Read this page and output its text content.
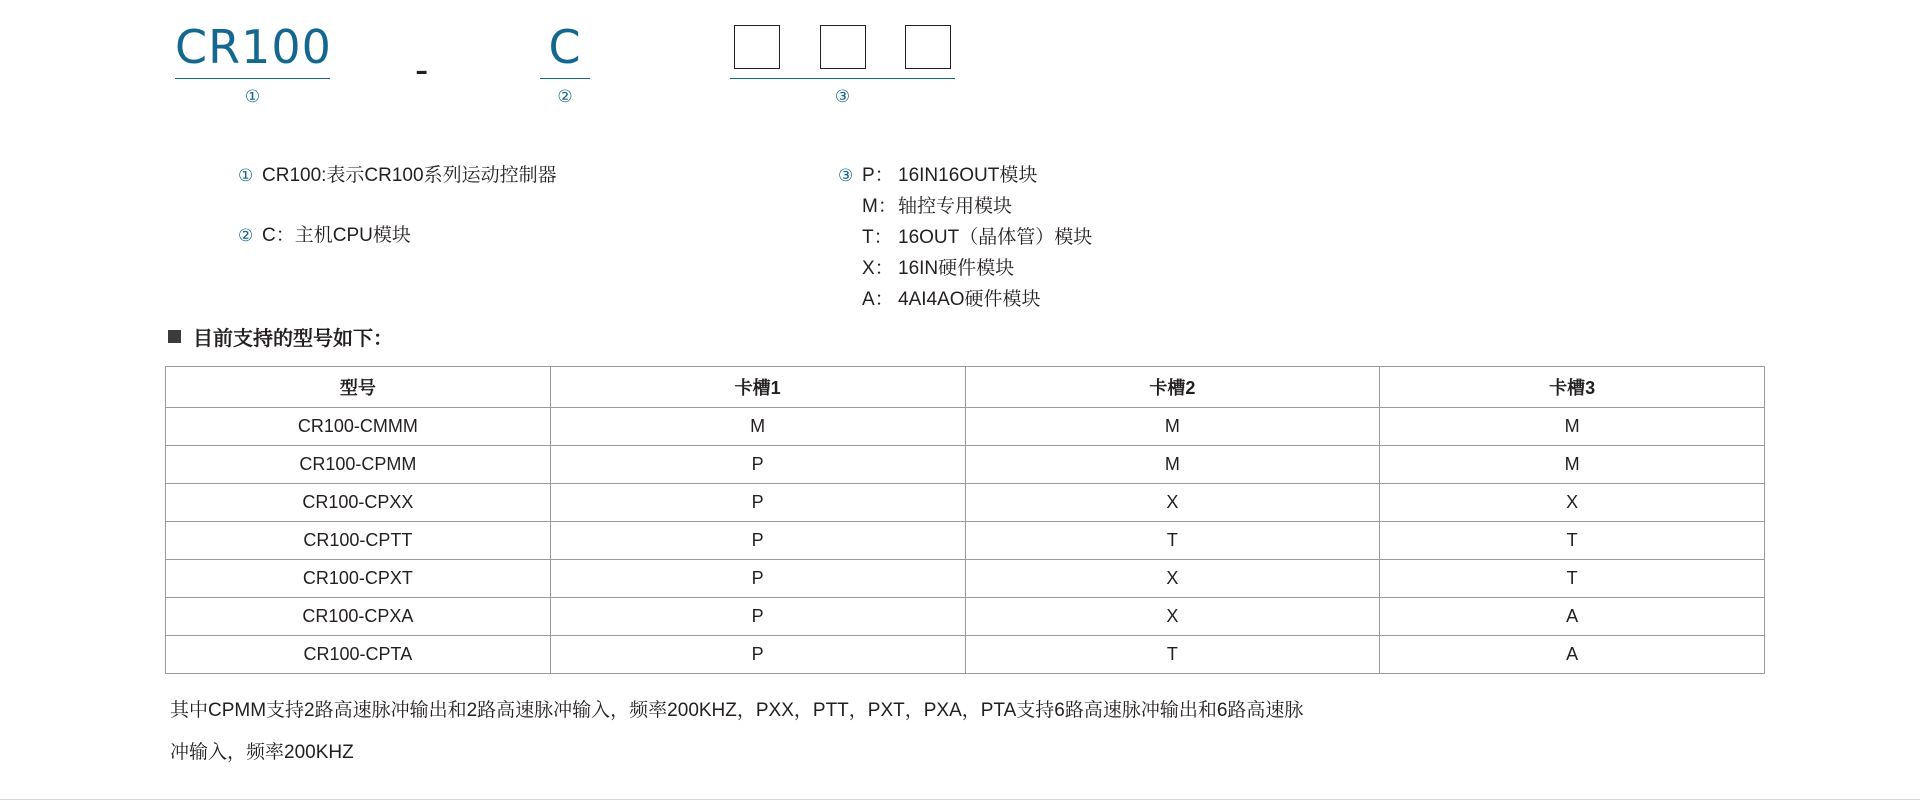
CR100
①
-	C
②	③
① CR100:表示CR100系列运动控制器
② C：主机CPU模块
③ P： 16IN16OUT模块
M： 轴控专用模块
T： 16OUT（晶体管）模块
X： 16IN硬件模块
A： 4AI4AO硬件模块
目前支持的型号如下：
型号	卡槽1	卡槽2	卡槽3
CR100-CMMM	M	M	M
CR100-CPMM	P	M	M
CR100-CPXX	P	X	X
CR100-CPTT	P	T	T
CR100-CPXT	P	X	T
CR100-CPXA	P	X	A
CR100-CPTA	P	T	A
其中CPMM支持2路高速脉冲输出和2路高速脉冲输入，频率200KHZ，PXX，PTT，PXT，PXA，PTA支持6路高速脉冲输出和6路高速脉
冲输入，频率200KHZ
